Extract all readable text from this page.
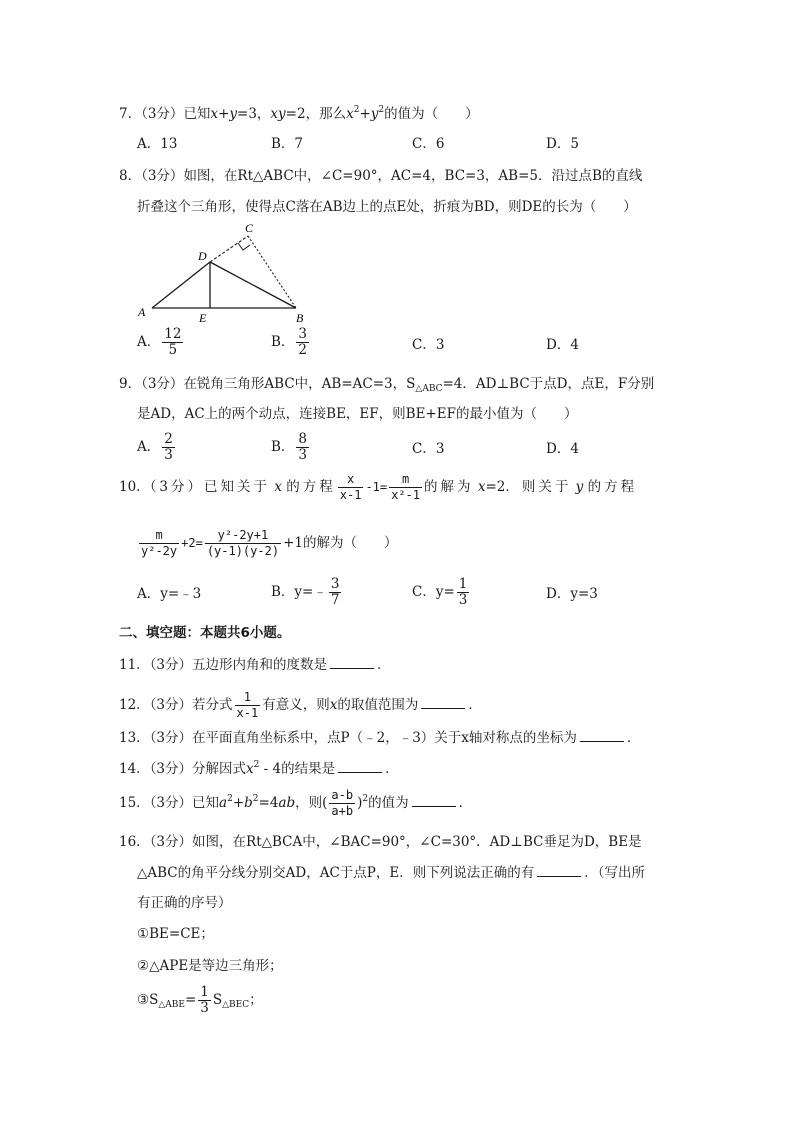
7．（3分）已知x+y=3，xy=2，那么$x^2+y^2$的值为（　　）
A．13	B．7	C．6	D．5
8．（3分）如图，在Rt△ABC中，∠C=90°，AC=4，BC=3，AB=5．沿过点B的直线
折叠这个三角形，使得点C落在AB边上的点E处，折痕为BD，则DE的长为（　　）
A	B
C
D
E
A． $\frac{12}{5}$	B． $\frac{3}{2}$	C．3	D．4
9．（3分）在锐角三角形ABC中，AB=AC=3，$S_{\triangle ABC}=4$．AD⊥BC于点D，点E，F分别
是AD，AC上的两个动点，连接BE，EF，则BE+EF的最小值为（　　）
A． $\frac{2}{3}$	B． $\frac{8}{3}$	C．3	D．4
10．（3分）已知关于 x 的方程 $\frac{x}{x-1} -1= \frac{m}{\text{x²-1}}$ 的解为 x=2．则关于 y 的方程
$\frac{m}{\text{y²-2y}} +2= \frac{\text{y²-2y+1}}{(y-1)(y-2)} +1$的解为（　　）
A．y=﹣3	B．y=﹣ $\frac{3}{7}$	C．$y= \frac{1}{3}$	D．y=3
二、填空题：本题共6小题。
11．（3分）五边形内角和的度数是	．
12．（3分）若分式 $\frac{1}{x-1}$ 有意义，则x的取值范围为	．
13．（3分）在平面直角坐标系中，点P（﹣2，﹣3）关于x轴对称点的坐标为	．
14．（3分）分解因式$x^2 - 4$的结果是	．
15．（3分）已知$a^2+b^2=4ab$，则( $\frac{a-b}{a+b} )^2$的值为	．
16．（3分）如图，在Rt△BCA中，∠BAC=90°，∠C=30°．AD⊥BC垂足为D，BE是
△ABC的角平分线分别交AD，AC于点P，E．则下列说法正确的有	．（写出所
有正确的序号）
①BE=CE；
②△APE是等边三角形；
$③S_{\triangle ABE}= \frac{1}{3} S_{\triangle BEC}$；
